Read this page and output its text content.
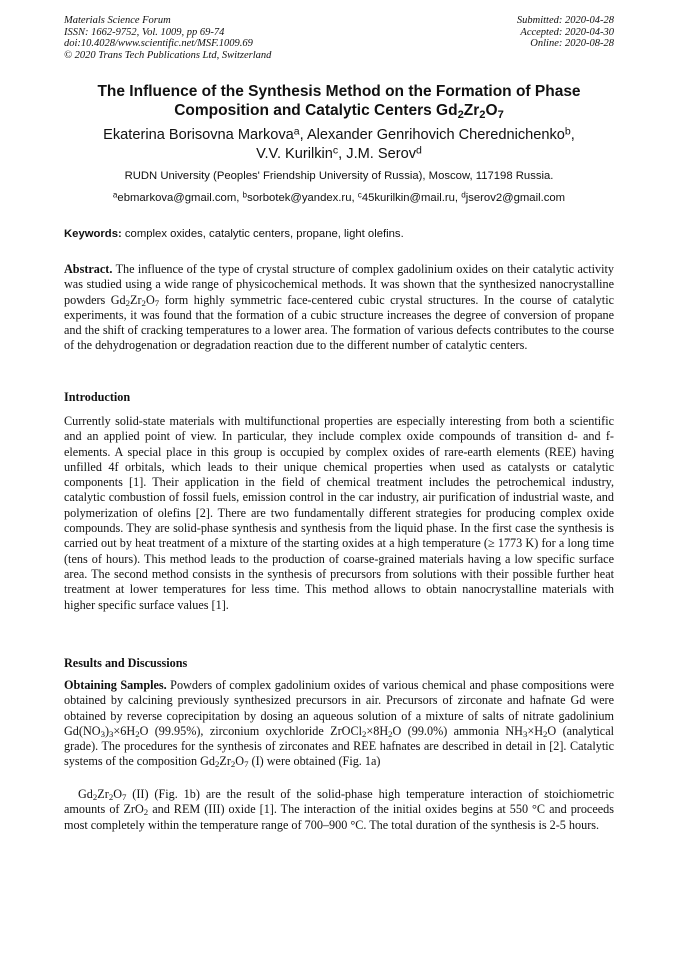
Materials Science Forum
ISSN: 1662-9752, Vol. 1009, pp 69-74
doi:10.4028/www.scientific.net/MSF.1009.69
© 2020 Trans Tech Publications Ltd, Switzerland
Submitted: 2020-04-28
Accepted: 2020-04-30
Online: 2020-08-28
The Influence of the Synthesis Method on the Formation of Phase
Composition and Catalytic Centers $Gd_2Zr_2O_7$
Ekaterina Borisovna Markova$^a$, Alexander Genrihovich Cherednichenko$^b$,
V.V. Kurilkin$^c$, J.M. Serov$^d$
RUDN University (Peoples' Friendship University of Russia), Moscow, 117198 Russia.
$^a$ebmarkova@gmail.com, $^b$sorbotek@yandex.ru, $^c$45kurilkin@mail.ru, $^d$jserov2@gmail.com
Keywords: complex oxides, catalytic centers, propane, light olefins.

Abstract. The influence of the type of crystal structure of complex gadolinium oxides on their catalytic activity was studied using a wide range of physicochemical methods. It was shown that the synthesized nanocrystalline powders $Gd_2Zr_2O_7$ form highly symmetric face-centered cubic crystal structures. In the course of catalytic experiments, it was found that the formation of a cubic structure increases the degree of conversion of propane and the shift of cracking temperatures to a lower area. The formation of various defects contributes to the course of the dehydrogenation or degradation reaction due to the different number of catalytic centers.

Introduction

Currently solid-state materials with multifunctional properties are especially interesting from both a scientific and an applied point of view. In particular, they include complex oxide compounds of transition d- and f-elements. A special place in this group is occupied by complex oxides of rare-earth elements (REE) having unfilled 4f orbitals, which leads to their unique chemical properties when used as catalysts or catalytic components [1]. Their application in the field of chemical treatment includes the petrochemical industry, catalytic combustion of fossil fuels, emission control in the car industry, air purification of industrial waste, and polymerization of olefins [2]. There are two fundamentally different strategies for producing complex oxide compounds. They are solid-phase synthesis and synthesis from the liquid phase. In the first case the synthesis is carried out by heat treatment of a mixture of the starting oxides at a high temperature (≥ 1773 K) for a long time (tens of hours). This method leads to the production of coarse-grained materials having a low specific surface area. The second method consists in the synthesis of precursors from solutions with their possible further heat treatment at lower temperatures for less time. This method allows to obtain nanocrystalline materials with higher specific surface values [1].

Results and Discussions

Obtaining Samples. Powders of complex gadolinium oxides of various chemical and phase compositions were obtained by calcining previously synthesized precursors in air. Precursors of zirconate and hafnate Gd were obtained by reverse coprecipitation by dosing an aqueous solution of a mixture of salts of nitrate gadolinium $Gd(NO_3)_3\times 6H_2O$ (99.95%), zirconium oxychloride $ZrOCl_2\times 8H_2O$ (99.0%) ammonia $NH_3\times H_2O$ (analytical grade). The procedures for the synthesis of zirconates and REE hafnates are described in detail in [2]. Catalytic systems of the composition $Gd_2Zr_2O_7$ (I) were obtained (Fig. 1a)

$Gd_2Zr_2O_7$ (II) (Fig. 1b) are the result of the solid-phase high temperature interaction of stoichiometric amounts of ZrO$_2$ and REM (III) oxide [1]. The interaction of the initial oxides begins at 550 °C and proceeds most completely within the temperature range of 700–900 °C. The total duration of the synthesis is 2-5 hours.
